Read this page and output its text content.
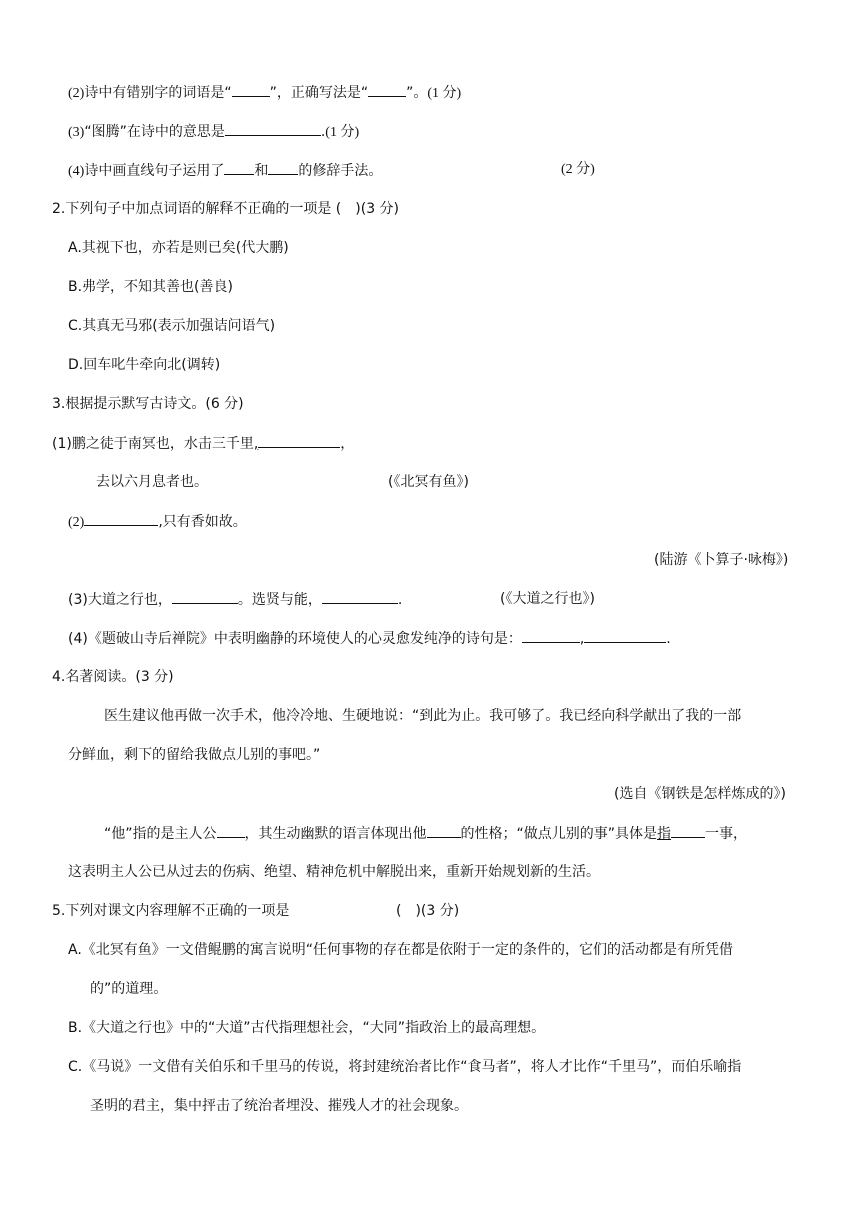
(2)诗中有错别字的词语是“	”，正确写法是“	”。(1 分)
(3)“图腾”在诗中的意思是	.(1 分)
(4)诗中画直线句子运用了 和 的修辞手法。	(2 分)
2.下列句子中加点词语的解释不正确的一项是 (　)(3 分)
A.其视下也，亦若是则已矣(代大鹏)
B.弗学，不知其善也(善良)
C.其真无马邪(表示加强诘问语气)
D.回车叱牛牵向北(调转)
3.根据提示默写古诗文。(6 分)
(1)鹏之徒于南冥也，水击三千里,	，
去以六月息者也。	(《北冥有鱼》)
(2)	,只有香如故。
(陆游《卜算子·咏梅》)
(3)大道之行也，	。选贤与能，	.	(《大道之行也》)
(4)《题破山寺后禅院》中表明幽静的环境使人的心灵愈发纯净的诗句是：	,	.
4.名著阅读。(3 分)
医生建议他再做一次手术，他冷冷地、生硬地说：“到此为止。我可够了。我已经向科学献出了我的一部
分鲜血，剩下的留给我做点儿别的事吧。”
(选自《钢铁是怎样炼成的》)
“他”指的是主人公 ，其生动幽默的语言体现出他 的性格；“做点儿别的事”具体是指 一事，
这表明主人公已从过去的伤病、绝望、精神危机中解脱出来，重新开始规划新的生活。
5.下列对课文内容理解不正确的一项是	(　)(3 分)
A.《北冥有鱼》一文借鲲鹏的寓言说明“任何事物的存在都是依附于一定的条件的，它们的活动都是有所凭借
的”的道理。
B.《大道之行也》中的“大道”古代指理想社会，“大同”指政治上的最高理想。
C.《马说》一文借有关伯乐和千里马的传说，将封建统治者比作“食马者”，将人才比作“千里马”，而伯乐喻指
圣明的君主，集中抨击了统治者埋没、摧残人才的社会现象。
